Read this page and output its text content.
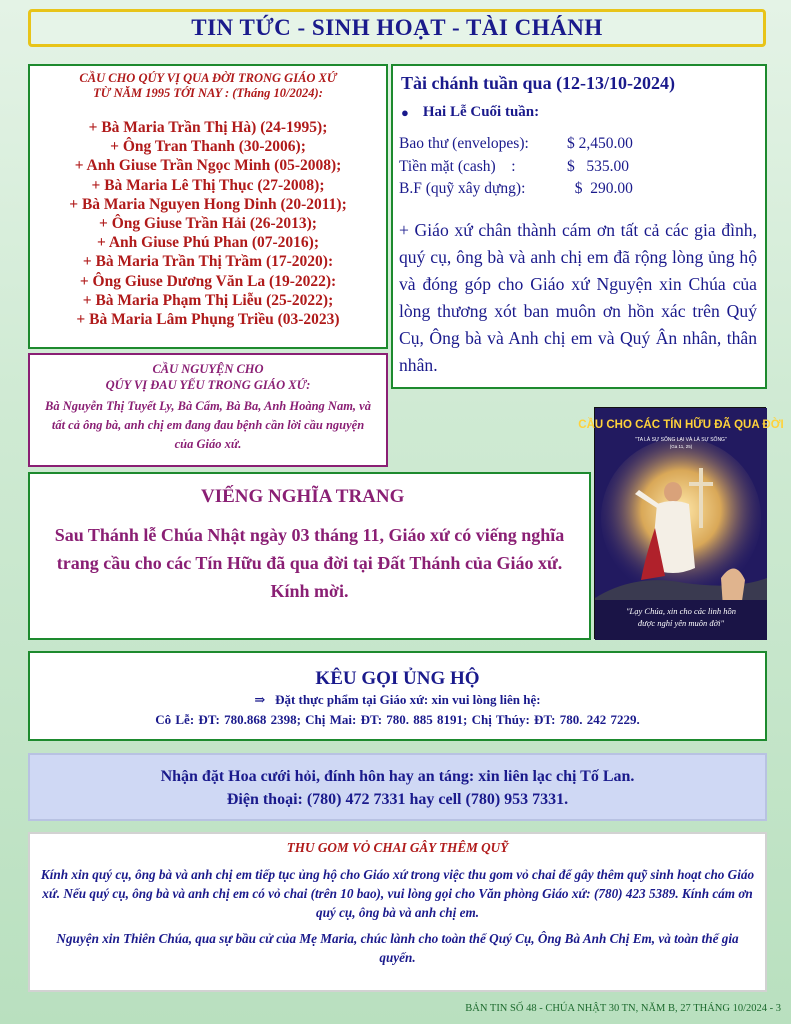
TIN TỨC - SINH HOẠT - TÀI CHÁNH
CẦU CHO QÚY VỊ QUA ĐỜI TRONG GIÁO XỨ
TỪ NĂM 1995 TỚI NAY : (Tháng 10/2024):
+ Bà Maria Trần Thị Hà) (24-1995);
+ Ông Tran Thanh (30-2006);
+ Anh Giuse Trần Ngọc Minh (05-2008);
+ Bà Maria Lê Thị Thục (27-2008);
+ Bà Maria Nguyen Hong Dinh (20-2011);
+ Ông Giuse Trần Hải (26-2013);
+ Anh Giuse Phú Phan (07-2016);
+ Bà Maria Trần Thị Trầm (17-2020):
+ Ông Giuse Dương Văn La (19-2022):
+ Bà Maria Phạm Thị Liễu (25-2022);
+ Bà Maria Lâm Phụng Triều (03-2023)
CẦU NGUYỆN CHO
QÚY VỊ ĐAU YẾU TRONG GIÁO XỨ:
Bà Nguyễn Thị Tuyết Ly, Bà Cẩm, Bà Ba, Anh Hoàng Nam, và tất cả ông bà, anh chị em đang đau bệnh cần lời cầu nguyện của Giáo xứ.
Tài chánh tuần qua (12-13/10-2024)
● Hai Lễ Cuối tuần:
Bao thư (envelopes):	$ 2,450.00
Tiền mặt (cash)    :	$   535.00
B.F (quỹ xây dựng):	$  290.00
+ Giáo xứ chân thành cám ơn tất cả các gia đình, quý cụ, ông bà và anh chị em đã rộng lòng ủng hộ và đóng góp cho Giáo xứ Nguyện xin Chúa của lòng thương xót ban muôn ơn hồn xác trên Quý Cụ, Ông bà và Anh chị em và Quý Ân nhân, thân nhân.
CẦU CHO CÁC TÍN HỮU ĐÃ QUA ĐỜI
"TA LÀ SỰ SỐNG LẠI VÀ LÀ SỰ SỐNG"
(Ga 11, 25)
"Lạy Chúa, xin cho các linh hồn
được nghỉ yên muôn đời"
VIẾNG NGHĨA TRANG
Sau Thánh lễ Chúa Nhật ngày 03 tháng 11, Giáo xứ có viếng nghĩa trang cầu cho các Tín Hữu đã qua đời tại Đất Thánh của Giáo xứ. Kính mời.
KÊU GỌI ỦNG HỘ
⇒ Đặt thực phẩm tại Giáo xứ: xin vui lòng liên hệ:
Cô Lễ: ĐT: 780.868 2398; Chị Mai: ĐT: 780. 885 8191; Chị Thúy: ĐT: 780. 242 7229.
Nhận đặt Hoa cưới hỏi, đính hôn hay an táng: xin liên lạc chị Tố Lan.
Điện thoại: (780) 472 7331 hay cell (780) 953 7331.
THU GOM VỎ CHAI GÂY THÊM QUỸ
Kính xin quý cụ, ông bà và anh chị em tiếp tục ủng hộ cho Giáo xứ trong việc thu gom vỏ chai để gây thêm quỹ sinh hoạt cho Giáo xứ. Nếu quý cụ, ông bà và anh chị em có vỏ chai (trên 10 bao), vui lòng gọi cho Văn phòng Giáo xứ: (780) 423 5389. Kính cám ơn quý cụ, ông bà và anh chị em.
Nguyện xin Thiên Chúa, qua sự bầu cử của Mẹ Maria, chúc lành cho toàn thể Quý Cụ, Ông Bà Anh Chị Em, và toàn thể gia quyến.
BẢN TIN SỐ 48 - CHÚA NHẬT 30 TN, NĂM B, 27 THÁNG 10/2024 - 3
